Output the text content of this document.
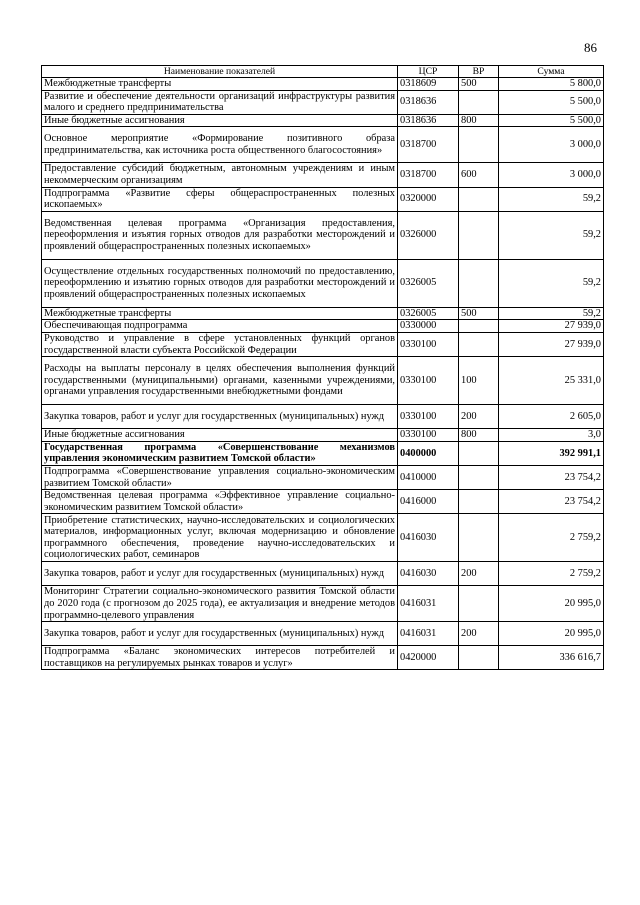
86
Наименование показателей	ЦСР	ВР	Сумма
Межбюджетные трансферты	0318609	500	5 800,0
Развитие и обеспечение деятельности организаций инфраструктуры развития малого и среднего предпринимательства	0318636		5 500,0
Иные бюджетные ассигнования	0318636	800	5 500,0
Основное мероприятие «Формирование позитивного образа предпринимательства, как источника роста общественного благосостояния»	0318700		3 000,0
Предоставление субсидий бюджетным, автономным учреждениям и иным некоммерческим организациям	0318700	600	3 000,0
Подпрограмма «Развитие сферы общераспространенных полезных ископаемых»	0320000		59,2
Ведомственная целевая программа «Организация предоставления, переоформления и изъятия горных отводов для разработки месторождений и проявлений общераспространенных полезных ископаемых»	0326000		59,2
Осуществление отдельных государственных полномочий по предоставлению, переоформлению и изъятию горных отводов для разработки месторождений и проявлений общераспространенных полезных ископаемых	0326005		59,2
Межбюджетные трансферты	0326005	500	59,2
Обеспечивающая подпрограмма	0330000		27 939,0
Руководство и управление в сфере установленных функций органов государственной власти субъекта Российской Федерации	0330100		27 939,0
Расходы на выплаты персоналу в целях обеспечения выполнения функций государственными (муниципальными) органами, казенными учреждениями, органами управления государственными внебюджетными фондами	0330100	100	25 331,0
Закупка товаров, работ и услуг для государственных (муниципальных) нужд	0330100	200	2 605,0
Иные бюджетные ассигнования	0330100	800	3,0
Государственная программа «Совершенствование механизмов управления экономическим развитием Томской области»	0400000		392 991,1
Подпрограмма «Совершенствование управления социально-экономическим развитием Томской области»	0410000		23 754,2
Ведомственная целевая программа «Эффективное управление социально-экономическим развитием Томской области»	0416000		23 754,2
Приобретение статистических, научно-исследовательских и социологических материалов, информационных услуг, включая модернизацию и обновление программного обеспечения, проведение научно-исследовательских и социологических работ, семинаров	0416030		2 759,2
Закупка товаров, работ и услуг для государственных (муниципальных) нужд	0416030	200	2 759,2
Мониторинг Стратегии социально-экономического развития Томской области до 2020 года (с прогнозом до 2025 года), ее актуализация и внедрение методов программно-целевого управления	0416031		20 995,0
Закупка товаров, работ и услуг для государственных (муниципальных) нужд	0416031	200	20 995,0
Подпрограмма «Баланс экономических интересов потребителей и поставщиков на регулируемых рынках товаров и услуг»	0420000		336 616,7
